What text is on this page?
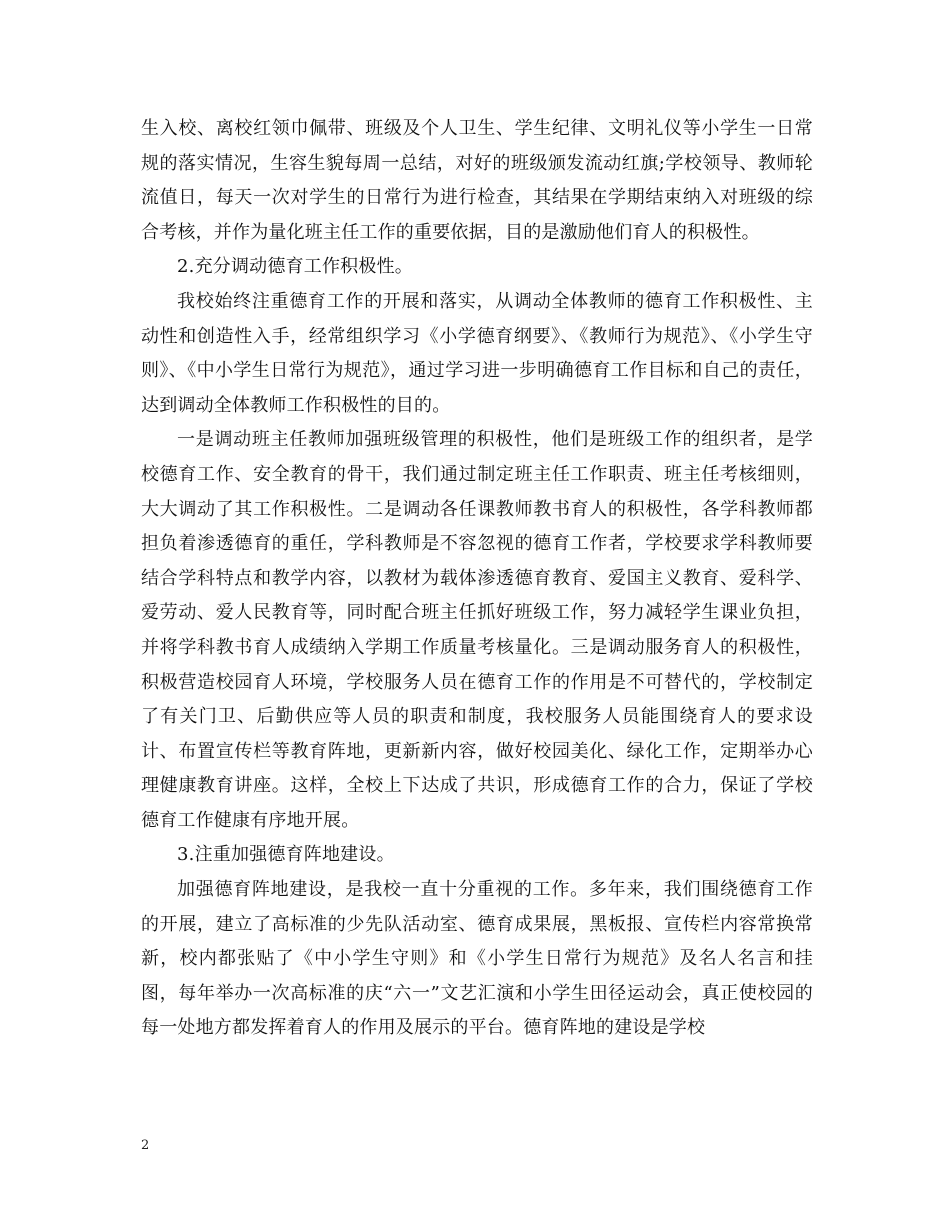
生入校、离校红领巾佩带、班级及个人卫生、学生纪律、文明礼仪等小学生一日常规的落实情况，生容生貌每周一总结，对好的班级颁发流动红旗;学校领导、教师轮流值日，每天一次对学生的日常行为进行检查，其结果在学期结束纳入对班级的综合考核，并作为量化班主任工作的重要依据，目的是激励他们育人的积极性。

2.充分调动德育工作积极性。

我校始终注重德育工作的开展和落实，从调动全体教师的德育工作积极性、主动性和创造性入手，经常组织学习《小学德育纲要》、《教师行为规范》、《小学生守则》、《中小学生日常行为规范》，通过学习进一步明确德育工作目标和自己的责任，达到调动全体教师工作积极性的目的。

一是调动班主任教师加强班级管理的积极性，他们是班级工作的组织者，是学校德育工作、安全教育的骨干，我们通过制定班主任工作职责、班主任考核细则，大大调动了其工作积极性。二是调动各任课教师教书育人的积极性，各学科教师都担负着渗透德育的重任，学科教师是不容忽视的德育工作者，学校要求学科教师要结合学科特点和教学内容，以教材为载体渗透德育教育、爱国主义教育、爱科学、爱劳动、爱人民教育等，同时配合班主任抓好班级工作，努力减轻学生课业负担，并将学科教书育人成绩纳入学期工作质量考核量化。三是调动服务育人的积极性，积极营造校园育人环境，学校服务人员在德育工作的作用是不可替代的，学校制定了有关门卫、后勤供应等人员的职责和制度，我校服务人员能围绕育人的要求设计、布置宣传栏等教育阵地，更新新内容，做好校园美化、绿化工作，定期举办心理健康教育讲座。这样，全校上下达成了共识，形成德育工作的合力，保证了学校德育工作健康有序地开展。

3.注重加强德育阵地建设。

加强德育阵地建设，是我校一直十分重视的工作。多年来，我们围绕德育工作的开展，建立了高标准的少先队活动室、德育成果展，黑板报、宣传栏内容常换常新，校内都张贴了《中小学生守则》和《小学生日常行为规范》及名人名言和挂图，每年举办一次高标准的庆“六一”文艺汇演和小学生田径运动会，真正使校园的每一处地方都发挥着育人的作用及展示的平台。德育阵地的建设是学校

2
